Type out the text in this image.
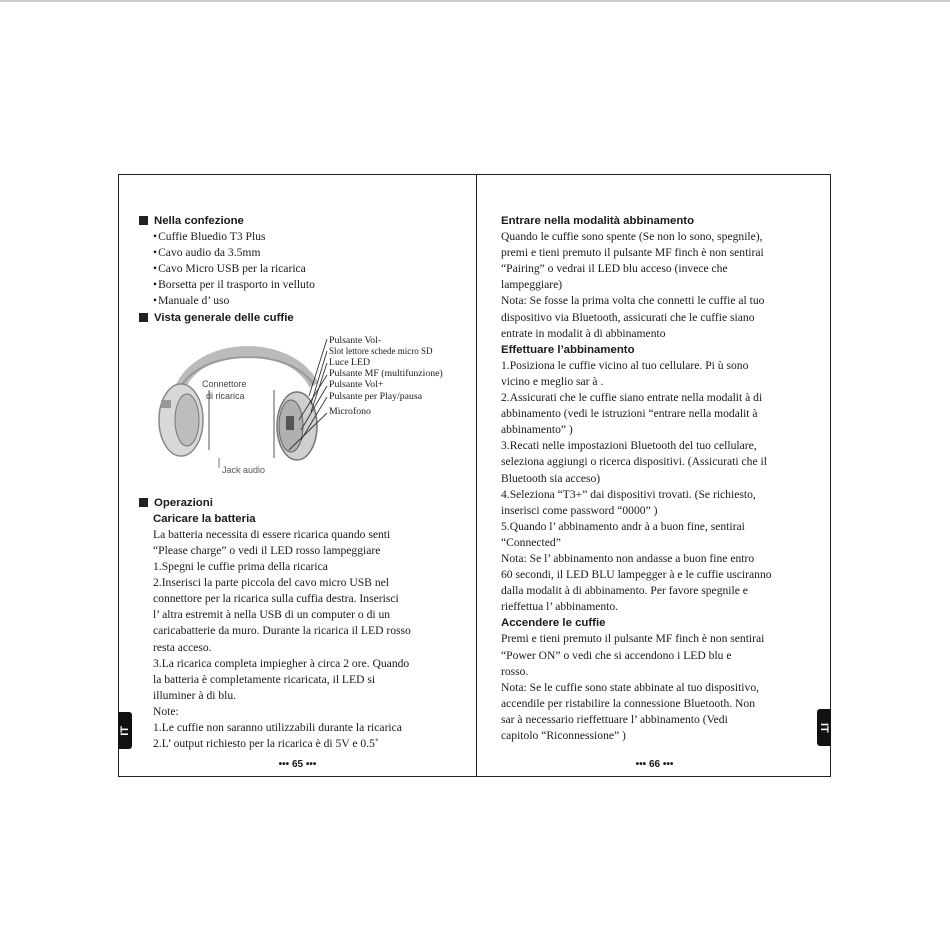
Nella confezione
•Cuffie Bluedio T3 Plus
•Cavo audio da 3.5mm
•Cavo Micro USB per la ricarica
•Borsetta per il trasporto in velluto
•Manuale d’ uso
Vista generale delle cuffie
Connettore
di ricarica
Jack audio
Pulsante Vol-
Slot lettore schede micro SD
Luce LED
Pulsante MF (multifunzione)
Pulsante Vol+
Pulsante per Play/pausa
Microfono
Operazioni
Caricare la batteria
La batteria necessita di essere ricarica quando senti
“Please charge” o vedi il LED rosso lampeggiare
1.Spegni le cuffie prima della ricarica
2.Inserisci la parte piccola del cavo micro USB nel
connettore per la ricarica sulla cuffia destra. Inserisci
l’ altra estremit à nella USB di un computer o di un
caricabatterie da muro. Durante la ricarica il LED rosso
resta acceso.
3.La ricarica completa impiegher à circa 2 ore. Quando
la batteria è completamente ricaricata, il LED si
illuminer à di blu.
Note:
1.Le cuffie non saranno utilizzabili durante la ricarica
2.L’ output richiesto per la ricarica è di 5V e 0.5˚
••• 65 •••
Entrare nella modalità abbinamento
Quando le cuffie sono spente (Se non lo sono, spegnile),
premi e tieni premuto il pulsante MF finch è non sentirai
“Pairing” o vedrai il LED blu acceso (invece che
lampeggiare)
Nota: Se fosse la prima volta che connetti le cuffie al tuo
dispositivo via Bluetooth, assicurati che le cuffie siano
entrate in modalit à di abbinamento
Effettuare l’abbinamento
1.Posiziona le cuffie vicino al tuo cellulare. Pi ù sono
vicino e meglio sar à .
2.Assicurati che le cuffie siano entrate nella modalit à di
abbinamento (vedi le istruzioni “entrare nella modalit à
abbinamento” )
3.Recati nelle impostazioni Bluetooth del tuo cellulare,
seleziona aggiungi o ricerca dispositivi. (Assicurati che il
Bluetooth sia acceso)
4.Seleziona “T3+” dai dispositivi trovati. (Se richiesto,
inserisci come password “0000” )
5.Quando l’ abbinamento andr à a buon fine, sentirai
“Connected”
Nota: Se l’ abbinamento non andasse a buon fine entro
60 secondi, il LED BLU lampegger à e le cuffie usciranno
dalla modalit à di abbinamento. Per favore spegnile e
rieffettua l’ abbinamento.
Accendere le cuffie
Premi e tieni premuto il pulsante MF finch è non sentirai
“Power ON” o vedi che si accendono i LED blu e
rosso.
Nota: Se le cuffie sono state abbinate al tuo dispositivo,
accendile per ristabilire la connessione Bluetooth. Non
sar à necessario rieffettuare l’ abbinamento (Vedi
capitolo “Riconnessione” )
••• 66 •••
IT	IT
